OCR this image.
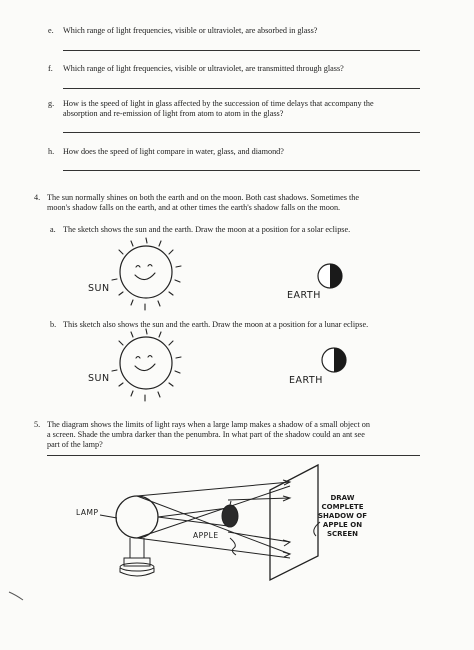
e. Which range of light frequencies, visible or ultraviolet, are absorbed in glass?
f. Which range of light frequencies, visible or ultraviolet, are transmitted through glass?
g. How is the speed of light in glass affected by the succession of time delays that accompany the
absorption and re-emission of light from atom to atom in the glass?
h. How does the speed of light compare in water, glass, and diamond?
4. The sun normally shines on both the earth and on the moon. Both cast shadows. Sometimes the
moon's shadow falls on the earth, and at other times the earth's shadow falls on the moon.
a. The sketch shows the sun and the earth. Draw the moon at a position for a solar eclipse.
SUN
EARTH
b. This sketch also shows the sun and the earth. Draw the moon at a position for a lunar eclipse.
SUN	EARTH
5. The diagram shows the limits of light rays when a large lamp makes a shadow of a small object on
a screen. Shade the umbra darker than the penumbra. In what part of the shadow could an ant see
part of the lamp?
LAMP
APPLE
DRAW
COMPLETE
SHADOW OF
APPLE ON
SCREEN
